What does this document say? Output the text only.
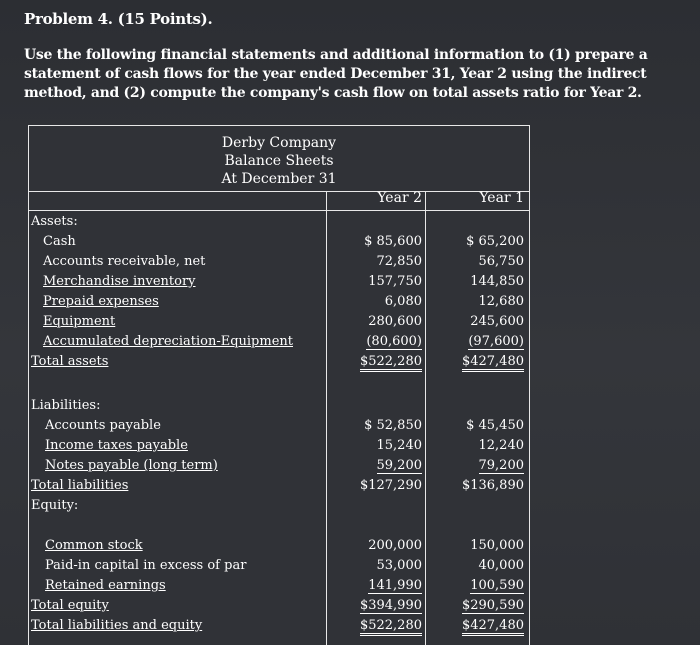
Problem 4. (15 Points).
Use the following financial statements and additional information to (1) prepare a statement of cash flows for the year ended December 31, Year 2 using the indirect method, and (2) compute the company's cash flow on total assets ratio for Year 2.
Derby Company
Balance Sheets
At December 31
Year 2	Year 1
Assets:
Cash	$ 85,600	$ 65,200
Accounts receivable, net	72,850	56,750
Merchandise inventory	157,750	144,850
Prepaid expenses	6,080	12,680
Equipment	280,600	245,600
Accumulated depreciation-Equipment	(80,600)	(97,600)
Total assets	$522,280	$427,480
Liabilities:
Accounts payable	$ 52,850	$ 45,450
Income taxes payable	15,240	12,240
Notes payable (long term)	59,200	79,200
Total liabilities	$127,290	$136,890
Equity:
Common stock	200,000	150,000
Paid-in capital in excess of par	53,000	40,000
Retained earnings	141,990	100,590
Total equity	$394,990	$290,590
Total liabilities and equity	$522,280	$427,480
